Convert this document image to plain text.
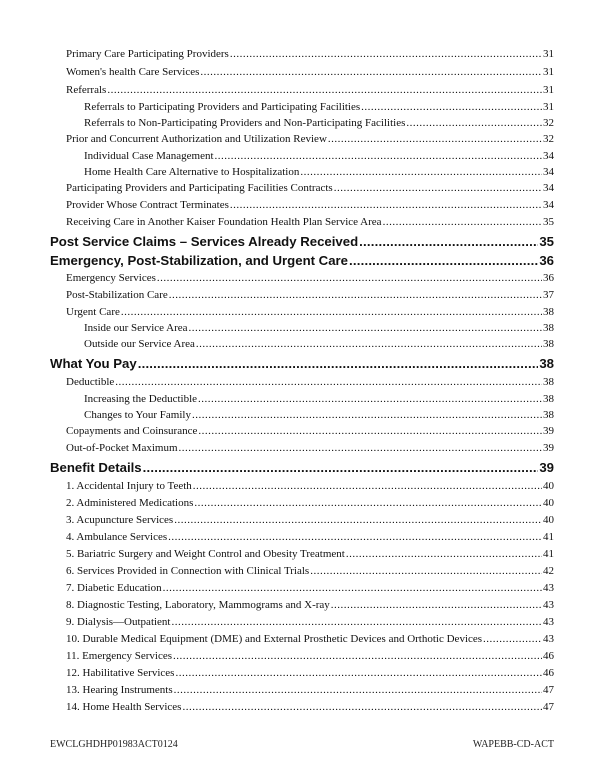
Primary Care Participating Providers .....	31
Women's health Care Services .....	31
Referrals .....	31
Referrals to Participating Providers and Participating Facilities .....	31
Referrals to Non-Participating Providers and Non-Participating Facilities .....	32
Prior and Concurrent Authorization and Utilization Review .....	32
Individual Case Management .....	34
Home Health Care Alternative to Hospitalization .....	34
Participating Providers and Participating Facilities Contracts .....	34
Provider Whose Contract Terminates .....	34
Receiving Care in Another Kaiser Foundation Health Plan Service Area .....	35
Post Service Claims – Services Already Received .....	35
Emergency, Post-Stabilization, and Urgent Care .....	36
Emergency Services .....	36
Post-Stabilization Care .....	37
Urgent Care .....	38
Inside our Service Area .....	38
Outside our Service Area .....	38
What You Pay .....	38
Deductible .....	38
Increasing the Deductible .....	38
Changes to Your Family .....	38
Copayments and Coinsurance .....	39
Out-of-Pocket Maximum .....	39
Benefit Details .....	39
1. Accidental Injury to Teeth .....	40
2. Administered Medications .....	40
3. Acupuncture Services .....	40
4. Ambulance Services .....	41
5. Bariatric Surgery and Weight Control and Obesity Treatment .....	41
6. Services Provided in Connection with Clinical Trials .....	42
7. Diabetic Education .....	43
8. Diagnostic Testing, Laboratory, Mammograms and X-ray .....	43
9. Dialysis—Outpatient .....	43
10. Durable Medical Equipment (DME) and External Prosthetic Devices and Orthotic Devices .....	43
11. Emergency Services .....	46
12. Habilitative Services .....	46
13. Hearing Instruments .....	47
14. Home Health Services .....	47
EWCLGHDHP01983ACT0124	WAPEBB-CD-ACT
